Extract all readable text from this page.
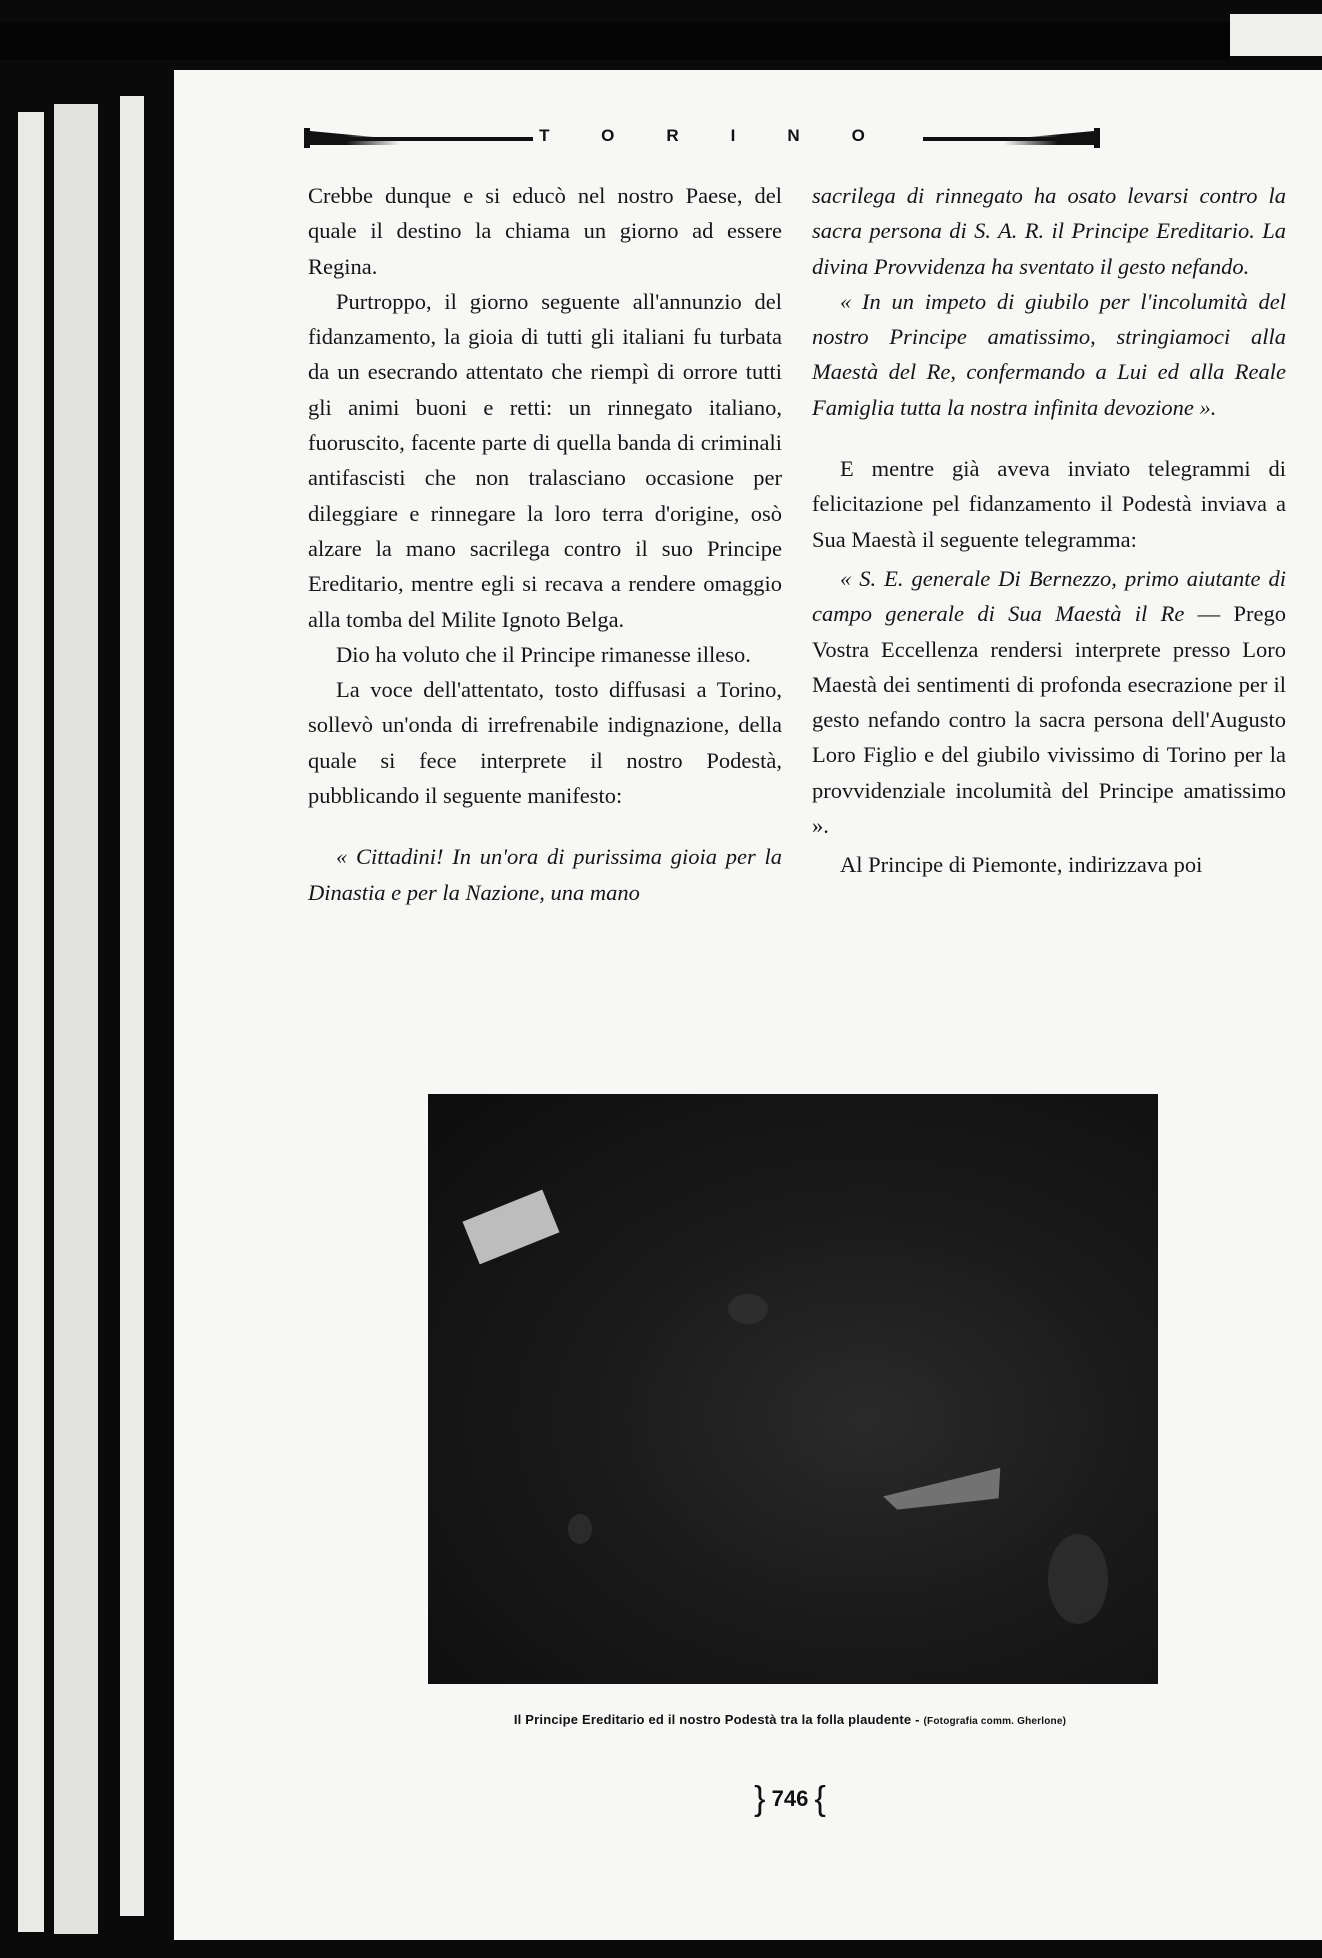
TORINO

Crebbe dunque e si educò nel nostro Paese, del quale il destino la chiama un giorno ad essere Regina.

Purtroppo, il giorno seguente all'annunzio del fidanzamento, la gioia di tutti gli italiani fu turbata da un esecrando attentato che riempì di orrore tutti gli animi buoni e retti: un rinnegato italiano, fuoruscito, facente parte di quella banda di criminali antifascisti che non tralasciano occasione per dileggiare e rinnegare la loro terra d'origine, osò alzare la mano sacrilega contro il suo Principe Ereditario, mentre egli si recava a rendere omaggio alla tomba del Milite Ignoto Belga.

Dio ha voluto che il Principe rimanesse illeso.

La voce dell'attentato, tosto diffusasi a Torino, sollevò un'onda di irrefrenabile indignazione, della quale si fece interprete il nostro Podestà, pubblicando il seguente manifesto:

« Cittadini! In un'ora di purissima gioia per la Dinastia e per la Nazione, una mano

sacrilega di rinnegato ha osato levarsi contro la sacra persona di S. A. R. il Principe Ereditario. La divina Provvidenza ha sventato il gesto nefando.

« In un impeto di giubilo per l'incolumità del nostro Principe amatissimo, stringiamoci alla Maestà del Re, confermando a Lui ed alla Reale Famiglia tutta la nostra infinita devozione ».

E mentre già aveva inviato telegrammi di felicitazione pel fidanzamento il Podestà inviava a Sua Maestà il seguente telegramma:

« S. E. generale Di Bernezzo, primo aiutante di campo generale di Sua Maestà il Re — Prego Vostra Eccellenza rendersi interprete presso Loro Maestà dei sentimenti di profonda esecrazione per il gesto nefando contro la sacra persona dell'Augusto Loro Figlio e del giubilo vivissimo di Torino per la provvidenziale incolumità del Principe amatissimo ».

Al Principe di Piemonte, indirizzava poi

Il Principe Ereditario ed il nostro Podestà tra la folla plaudente - (Fotografia comm. Gherlone)
} 746 {
